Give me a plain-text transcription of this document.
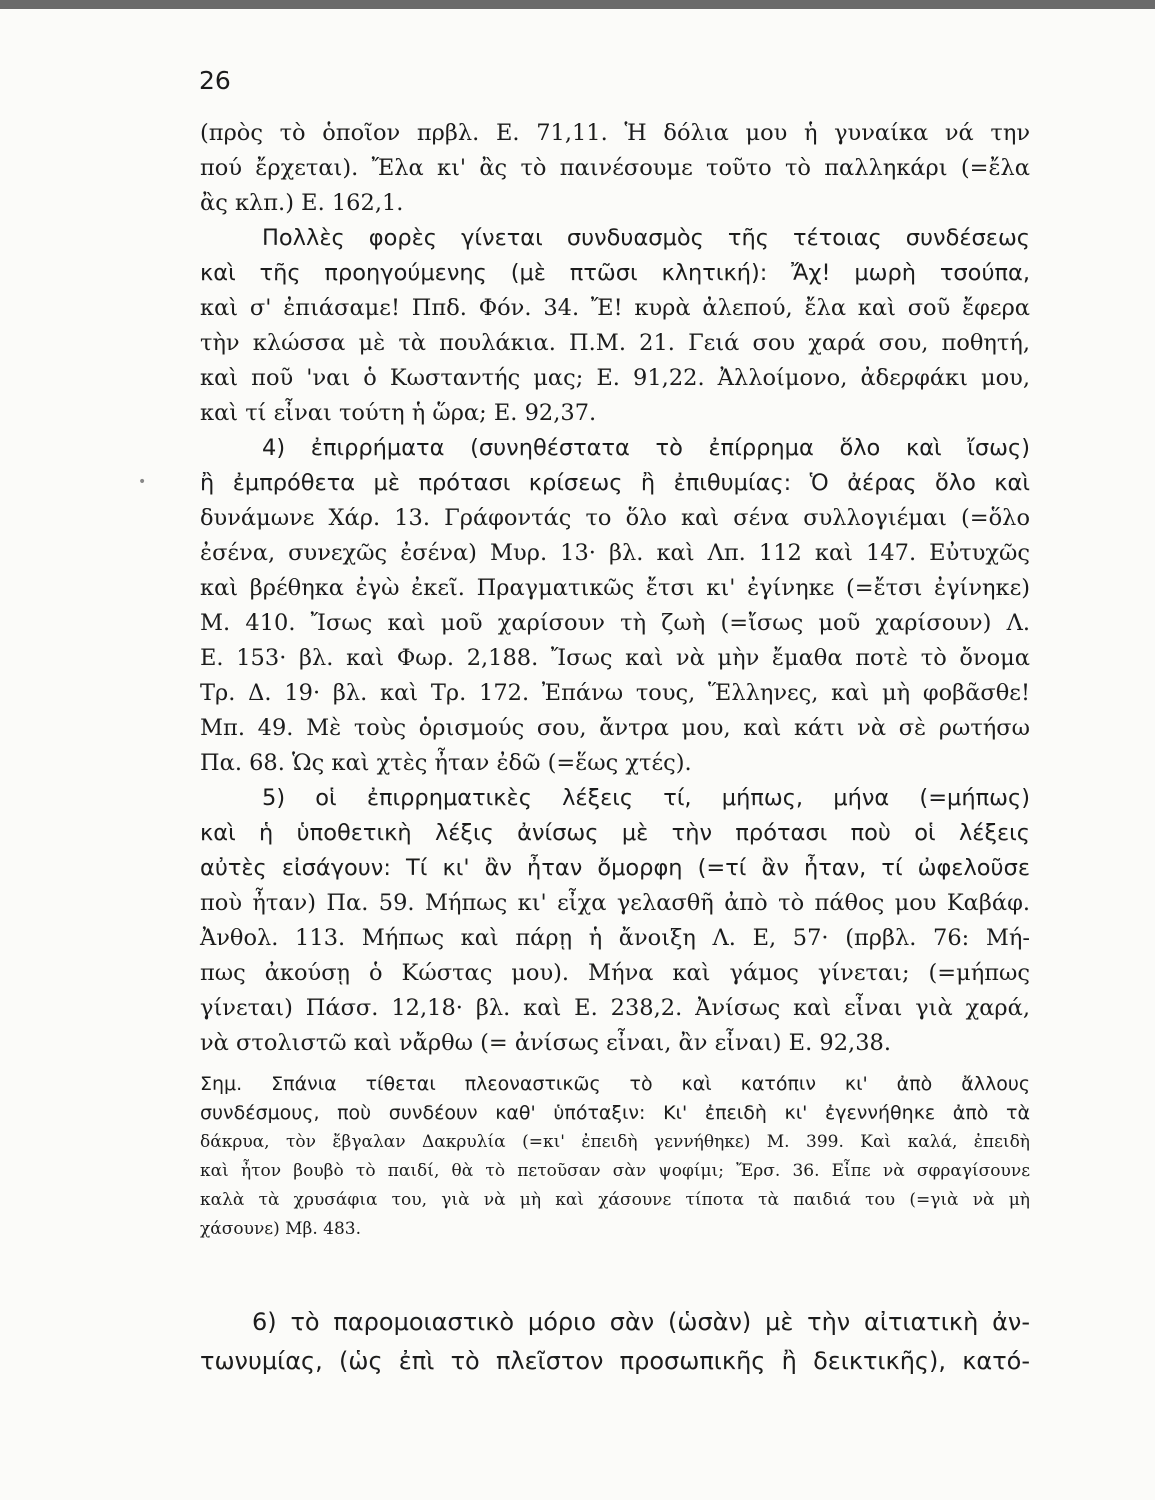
26

•

(πρὸς τὸ ὁποῖον πρβλ. Ε. 71,11. Ἡ δόλια μου ἡ γυναίκα νά την

πού ἔρχεται). Ἔλα κι' ἂς τὸ παινέσουμε τοῦτο τὸ παλληκάρι (=ἔλα

ἂς κλπ.) Ε. 162,1.

Πολλὲς φορὲς γίνεται συνδυασμὸς τῆς τέτοιας συνδέσεως

καὶ τῆς προηγούμενης (μὲ πτῶσι κλητική): Ἄχ! μωρὴ τσούπα,

καὶ σ' ἐπιάσαμε! Ππδ. Φόν. 34. Ἔ! κυρὰ ἀλεπού, ἔλα καὶ σοῦ ἔφερα

τὴν κλώσσα μὲ τὰ πουλάκια. Π.Μ. 21. Γειά σου χαρά σου, ποθητή,

καὶ ποῦ 'ναι ὁ Κωσταντής μας; Ε. 91,22. Ἀλλοίμονο, ἀδερφάκι μου,

καὶ τί εἶναι τούτη ἡ ὥρα; Ε. 92,37.

4) ἐπιρρήματα (συνηθέστατα τὸ ἐπίρρημα ὅλο καὶ ἴσως)

ἢ ἐμπρόθετα μὲ πρότασι κρίσεως ἢ ἐπιθυμίας: Ὁ ἀέρας ὅλο καὶ

δυνάμωνε Χάρ. 13. Γράφοντάς το ὅλο καὶ σένα συλλογιέμαι (=ὅλο

ἐσένα, συνεχῶς ἐσένα) Μυρ. 13· βλ. καὶ Λπ. 112 καὶ 147. Εὐτυχῶς

καὶ βρέθηκα ἐγὼ ἐκεῖ. Πραγματικῶς ἔτσι κι' ἐγίνηκε (=ἔτσι ἐγίνηκε)

Μ. 410. Ἴσως καὶ μοῦ χαρίσουν τὴ ζωὴ (=ἴσως μοῦ χαρίσουν) Λ.

Ε. 153· βλ. καὶ Φωρ. 2,188. Ἴσως καὶ νὰ μὴν ἔμαθα ποτὲ τὸ ὄνομα

Τρ. Δ. 19· βλ. καὶ Τρ. 172. Ἐπάνω τους, Ἕλληνες, καὶ μὴ φοβᾶσθε!

Μπ. 49. Μὲ τοὺς ὁρισμούς σου, ἄντρα μου, καὶ κάτι νὰ σὲ ρωτήσω

Πα. 68. Ὡς καὶ χτὲς ἦταν ἐδῶ (=ἕως χτές).

5) οἱ ἐπιρρηματικὲς λέξεις τί, μήπως, μήνα (=μήπως)

καὶ ἡ ὑποθετικὴ λέξις ἀνίσως μὲ τὴν πρότασι ποὺ οἱ λέξεις

αὐτὲς εἰσάγουν: Τί κι' ἂν ἦταν ὄμορφη (=τί ἂν ἦταν, τί ὠφελοῦσε

ποὺ ἦταν) Πα. 59. Μήπως κι' εἶχα γελασθῆ ἀπὸ τὸ πάθος μου Καβάφ.

Ἀνθολ. 113. Μήπως καὶ πάρῃ ἡ ἄνοιξη Λ. Ε, 57· (πρβλ. 76: Μή-

πως ἀκούσῃ ὁ Κώστας μου). Μήνα καὶ γάμος γίνεται; (=μήπως

γίνεται) Πάσσ. 12,18· βλ. καὶ Ε. 238,2. Ἀνίσως καὶ εἶναι γιὰ χαρά,

νὰ στολιστῶ καὶ νἄρθω (= ἀνίσως εἶναι, ἂν εἶναι) Ε. 92,38.

Σημ. Σπάνια τίθεται πλεοναστικῶς τὸ καὶ κατόπιν κι' ἀπὸ ἄλλους

συνδέσμους, ποὺ συνδέουν καθ' ὑπόταξιν: Κι' ἐπειδὴ κι' ἐγεννήθηκε ἀπὸ τὰ

δάκρυα, τὸν ἔβγαλαν Δακρυλία (=κι' ἐπειδὴ γεννήθηκε) Μ. 399. Καὶ καλά, ἐπειδὴ

καὶ ἦτον βουβὸ τὸ παιδί, θὰ τὸ πετοῦσαν σὰν ψοφίμι; Ἔρσ. 36. Εἶπε νὰ σφραγίσουνε

καλὰ τὰ χρυσάφια του, γιὰ νὰ μὴ καὶ χάσουνε τίποτα τὰ παιδιά του (=γιὰ νὰ μὴ

χάσουνε) Μβ. 483.

6) τὸ παρομοιαστικὸ μόριο σὰν (ὡσὰν) μὲ τὴν αἰτιατικὴ ἀν-

τωνυμίας, (ὡς ἐπὶ τὸ πλεῖστον προσωπικῆς ἢ δεικτικῆς), κατό-
